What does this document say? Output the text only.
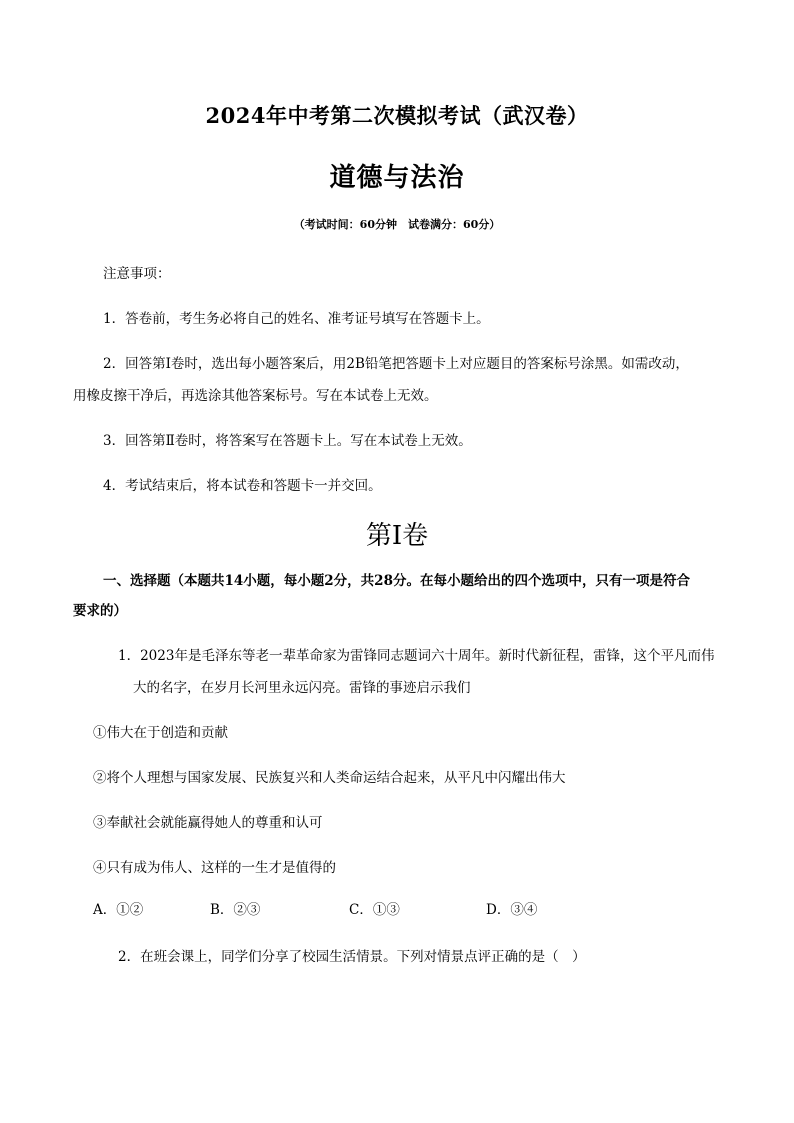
2024年中考第二次模拟考试（武汉卷）
道德与法治
（考试时间：60分钟　试卷满分：60分）
注意事项：
1．答卷前，考生务必将自己的姓名、准考证号填写在答题卡上。
2．回答第Ⅰ卷时，选出每小题答案后，用2B铅笔把答题卡上对应题目的答案标号涂黑。如需改动，
用橡皮擦干净后，再选涂其他答案标号。写在本试卷上无效。
3．回答第Ⅱ卷时，将答案写在答题卡上。写在本试卷上无效。
4．考试结束后，将本试卷和答题卡一并交回。
第Ⅰ卷
一、选择题（本题共14小题，每小题2分，共28分。在每小题给出的四个选项中，只有一项是符合
要求的）
1．2023年是毛泽东等老一辈革命家为雷锋同志题词六十周年。新时代新征程，雷锋，这个平凡而伟
大的名字，在岁月长河里永远闪亮。雷锋的事迹启示我们
①伟大在于创造和贡献
②将个人理想与国家发展、民族复兴和人类命运结合起来，从平凡中闪耀出伟大
③奉献社会就能赢得她人的尊重和认可
④只有成为伟人、这样的一生才是值得的
A．①②	B．②③	C．①③	D．③④
2．在班会课上，同学们分享了校园生活情景。下列对情景点评正确的是（　）
